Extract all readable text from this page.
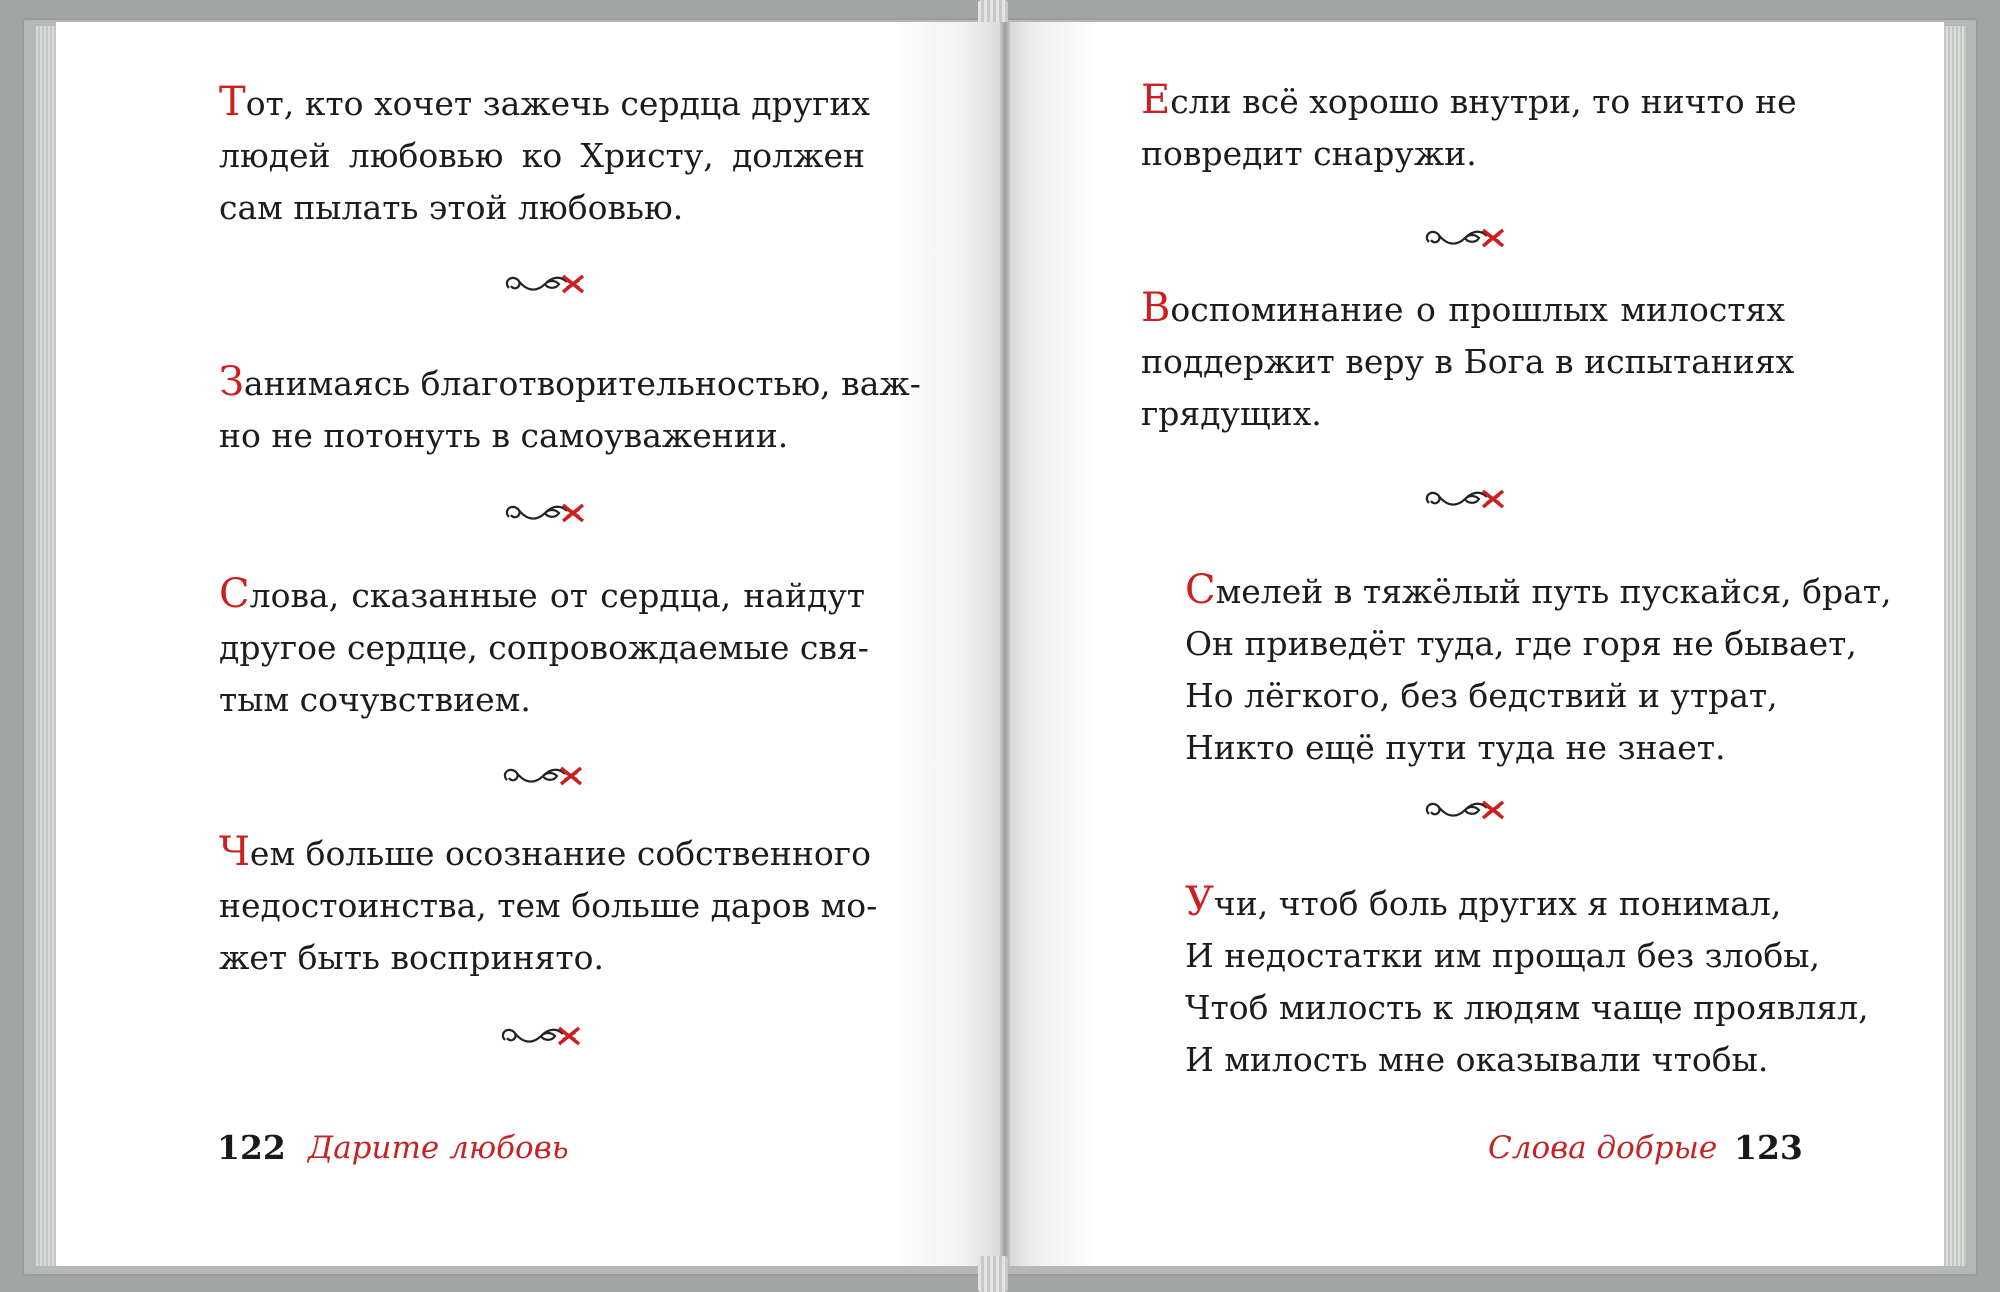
Тот, кто хочет зажечь сердца других
людей любовью ко Христу, должен
сам пылать этой любовью.
Занимаясь благотворительностью, важ-
но не потонуть в самоуважении.
Слова, сказанные от сердца, найдут
другое сердце, сопровождаемые свя-
тым сочувствием.
Чем больше осознание собственного
недостоинства, тем больше даров мо-
жет быть воспринято.
122 Дарите любовь
Если всё хорошо внутри, то ничто не
повредит снаружи.
Воспоминание о прошлых милостях
поддержит веру в Бога в испытаниях
грядущих.
Смелей в тяжёлый путь пускайся, брат,
Он приведёт туда, где горя не бывает,
Но лёгкого, без бедствий и утрат,
Никто ещё пути туда не знает.
Учи, чтоб боль других я понимал,
И недостатки им прощал без злобы,
Чтоб милость к людям чаще проявлял,
И милость мне оказывали чтобы.
Слова добрые 123
